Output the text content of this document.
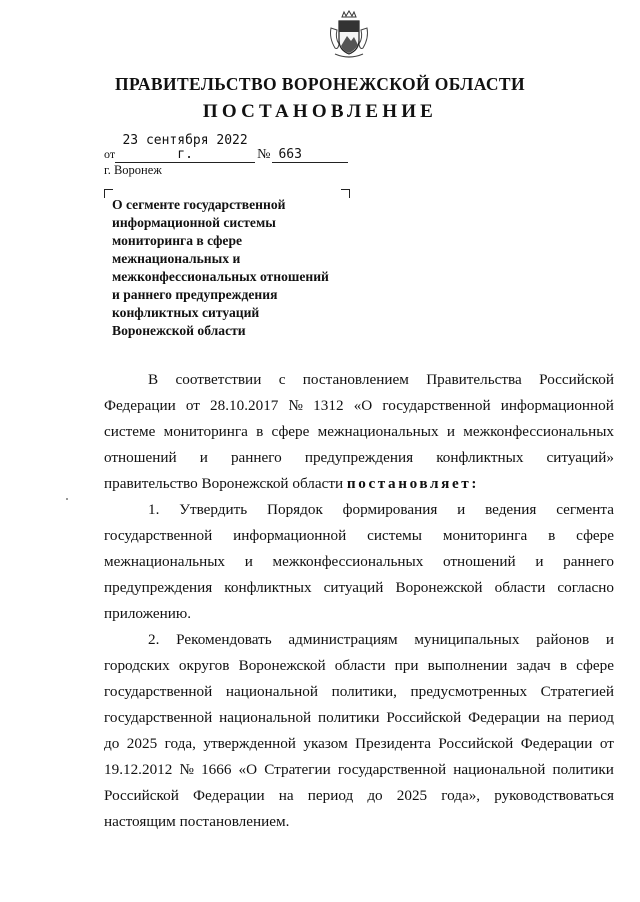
ПРАВИТЕЛЬСТВО ВОРОНЕЖСКОЙ ОБЛАСТИ
ПОСТАНОВЛЕНИЕ
от23 сентября 2022 г.	№ 663
г. Воронеж
О сегменте государственной
информационной системы
мониторинга в сфере
межнациональных и
межконфессиональных отношений
и раннего предупреждения
конфликтных ситуаций
Воронежской области
В соответствии с постановлением Правительства Российской
Федерации от 28.10.2017 № 1312 «О государственной информационной
системе мониторинга в сфере межнациональных и межконфессиональных
отношений и раннего предупреждения конфликтных ситуаций»
правительство Воронежской области постановляет:
1. Утвердить Порядок формирования и ведения сегмента
государственной информационной системы мониторинга в сфере
межнациональных и межконфессиональных отношений и раннего
предупреждения конфликтных ситуаций Воронежской области согласно
приложению.
2. Рекомендовать администрациям муниципальных районов и
городских округов Воронежской области при выполнении задач в сфере
государственной национальной политики, предусмотренных Стратегией
государственной национальной политики Российской Федерации на период
до 2025 года, утвержденной указом Президента Российской Федерации от
19.12.2012 № 1666 «О Стратегии государственной национальной политики
Российской Федерации на период до 2025 года», руководствоваться
настоящим постановлением.
